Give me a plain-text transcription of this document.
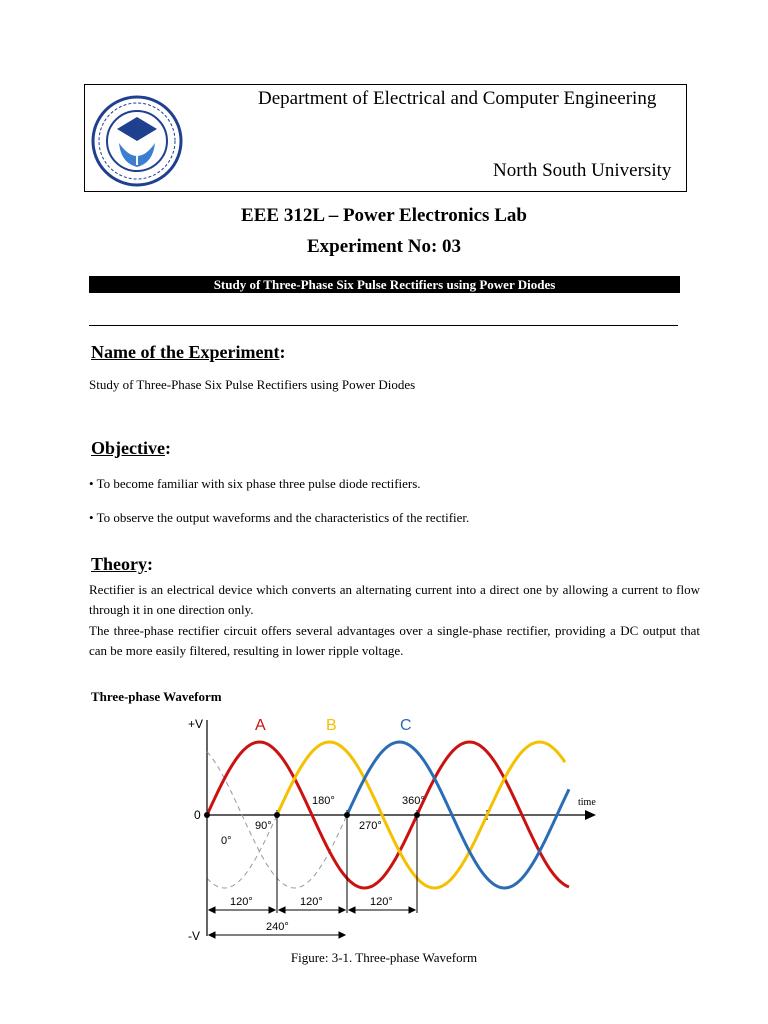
Department of Electrical and Computer Engineering
North South University
EEE 312L – Power Electronics Lab
Experiment No: 03
Study of Three-Phase Six Pulse Rectifiers using Power Diodes
Name of the Experiment:
Study of Three-Phase Six Pulse Rectifiers using Power Diodes
Objective:
• To become familiar with six phase three pulse diode rectifiers.
• To observe the output waveforms and the characteristics of the rectifier.
Theory:
Rectifier is an electrical device which converts an alternating current into a direct one by allowing a current to flow through it in one direction only.
The three-phase rectifier circuit offers several advantages over a single-phase rectifier, providing a DC output that can be more easily filtered, resulting in lower ripple voltage.
Three-phase Waveform
+V
-V
0
time
A	B	C
0°
90°
180°
270°
360°
120°	120°	120°
240°
Figure: 3-1. Three-phase Waveform
